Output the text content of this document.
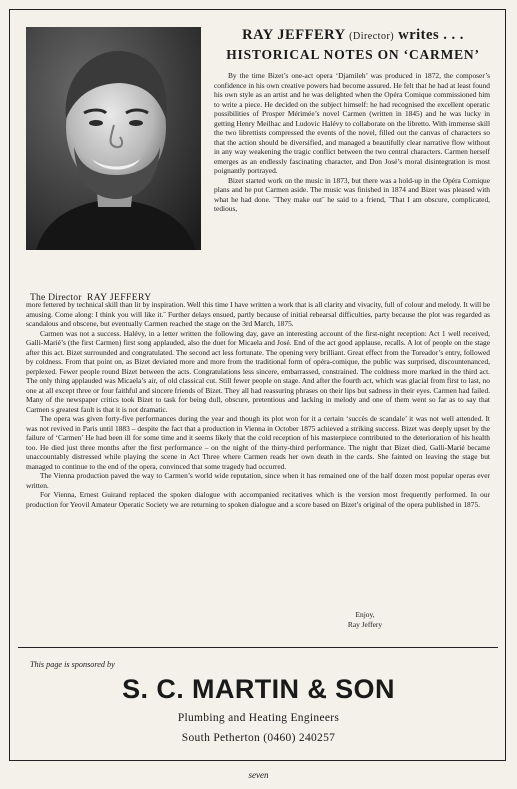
The Director RAY JEFFERY
RAY JEFFERY (Director) writes . . .
HISTORICAL NOTES ON ‘CARMEN’

By the time Bizet’s one-act opera ‘Djamileh’ was produced in 1872, the composer’s confidence in his own creative powers had become assured. He felt that he had at least found his own style as an artist and he was delighted when the Opéra Comique commissioned him to write a piece. He decided on the subject himself: he had recognised the excellent operatic possibilities of Prosper Mérimée’s novel Carmen (written in 1845) and he was lucky in getting Henry Meilhac and Ludovic Halévy to collaborate on the libretto. With immense skill the two librettists compressed the events of the novel, filled out the canvas of characters so that the action should be diversified, and managed a beautifully clear narrative flow without in any way weakening the tragic conflict between the two central characters. Carmen herself emerges as an endlessly fascinating character, and Don José’s moral disintegration is most poignantly portrayed.

Bizet started work on the music in 1873, but there was a hold-up in the Opéra Comique plans and he put Carmen aside. The music was finished in 1874 and Bizet was pleased with what he had done. ˝They make out˝ he said to a friend, ˝That I am obscure, complicated, tedious,

more fettered by technical skill than lit by inspiration. Well this time I have written a work that is all clarity and vivacity, full of colour and melody. It will be amusing. Come along: I think you will like it.˝ Further delays ensued, partly because of initial rehearsal difficulties, party because the plot was regarded as scandalous and obscene, but eventually Carmen reached the stage on the 3rd March, 1875.

Carmen was not a success. Halévy, in a letter written the following day, gave an interesting account of the first-night reception: Act 1 well received, Galli-Marié’s (the first Carmen) first song applauded, also the duet for Micaela and José. End of the act good applause, recalls. A lot of people on the stage after this act. Bizet surrounded and congratulated. The second act less fortunate. The opening very brilliant. Great effect from the Toreador’s entry, followed by coldness. From that point on, as Bizet deviated more and more from the traditional form of opéra-comique, the public was surprised, discountenanced, perplexed. Fewer people round Bizet between the acts. Congratulations less sincere, embarrassed, constrained. The coldness more marked in the third act. The only thing applauded was Micaela’s air, of old classical cut. Still fewer people on stage. And after the fourth act, which was glacial from first to last, no one at all except three or four faithful and sincere friends of Bizet. They all had reassuring phrases on their lips but sadness in their eyes. Carmen had failed. Many of the newspaper critics took Bizet to task for being dull, obscure, pretentious and lacking in melody and one of them went so far as to say that Carmen s greatest fault is that it is not dramatic.

The opera was given forty-five performances during the year and though its plot won for it a certain ‘succès de scandale’ it was not well attended. It was not revived in Paris until 1883 – despite the fact that a production in Vienna in October 1875 achieved a striking success. Bizet was deeply upset by the failure of ‘Carmen’ He had been ill for some time and it seems likely that the cold reception of his masterpiece contributed to the deterioration of his health too. He died just three months after the first performance – on the night of the thirty-third performance. The night that Bizet died, Galli-Marié became unaccountably distressed while playing the scene in Act Three where Carmen reads her own death in the cards. She fainted on leaving the stage but managed to continue to the end of the opera, convinced that some tragedy had occurred.

The Vienna production paved the way to Carmen’s world wide reputation, since when it has remained one of the half dozen most popular operas ever written.

For Vienna, Ernest Guirand replaced the spoken dialogue with accompanied recitatives which is the version most frequently performed. In our production for Yeovil Amateur Operatic Society we are returning to spoken dialogue and a score based on Bizet’s original of the opera published in 1875.

Enjoy,
Ray Jeffery
This page is sponsored by
S. C. MARTIN & SON
Plumbing and Heating Engineers
South Petherton (0460) 240257
seven
